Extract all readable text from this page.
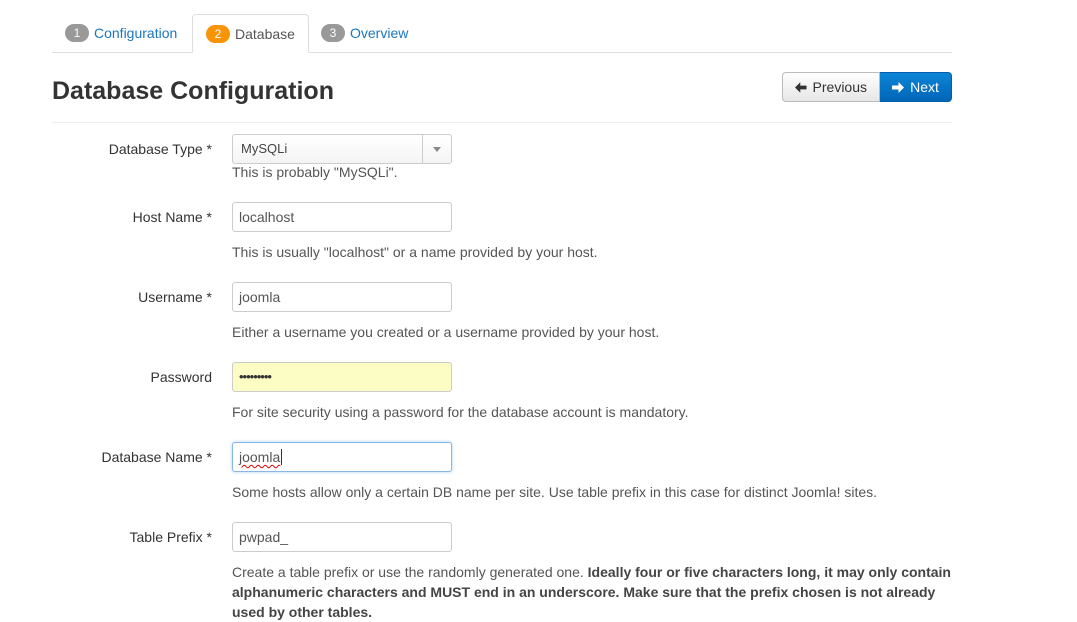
1 Configuration	2 Database	3 Overview
Database Configuration	Previous	Next
Database Type *	MySQLi
This is probably "MySQLi".
Host Name *	localhost
This is usually "localhost" or a name provided by your host.
Username *	joomla
Either a username you created or a username provided by your host.
Password	•••••••••
For site security using a password for the database account is mandatory.
Database Name *	joomla
Some hosts allow only a certain DB name per site. Use table prefix in this case for distinct Joomla! sites.
Table Prefix *	pwpad_
Create a table prefix or use the randomly generated one. Ideally four or five characters long, it may only contain alphanumeric characters and MUST end in an underscore. Make sure that the prefix chosen is not already used by other tables.
